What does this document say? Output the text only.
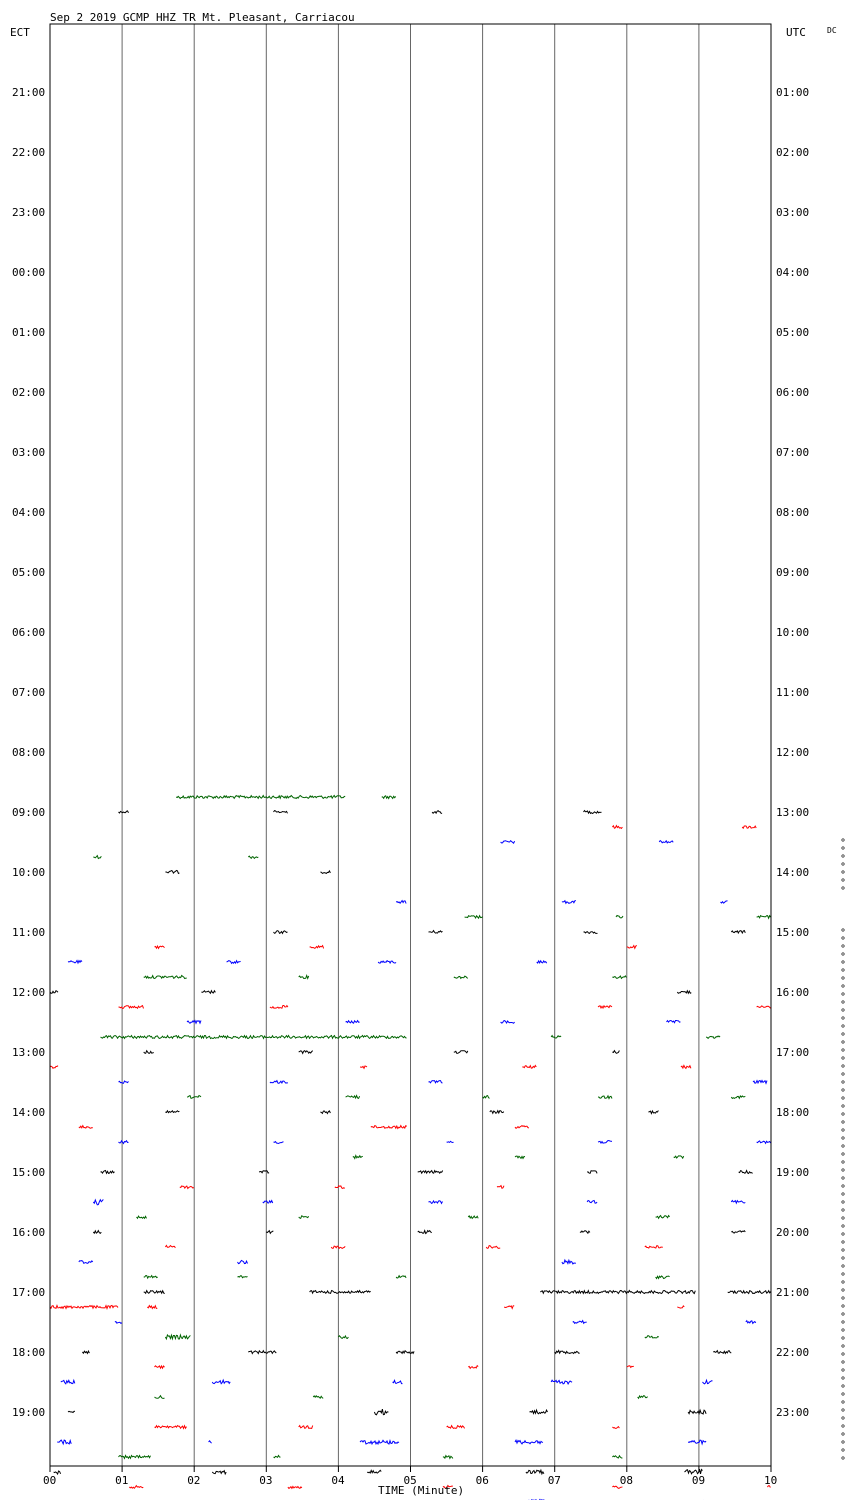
Sep 2 2019 GCMP HHZ TR Mt. Pleasant, Carriacou
ECT	UTC	DC
21:00
22:00
23:00
00:00
01:00
02:00
03:00
04:00
05:00
06:00
07:00
08:00
09:00
10:00
11:00
12:00
13:00
14:00
15:00
16:00
17:00
18:00
19:00
01:00
02:00
03:00
04:00
05:00
06:00
07:00
08:00
09:00
10:00
11:00
12:00
13:00
14:00
15:00
16:00
17:00
18:00
19:00
20:00
21:00
22:00
23:00
00	01	02	03	04	05	06	07	08	09	10
TIME (Minute)
